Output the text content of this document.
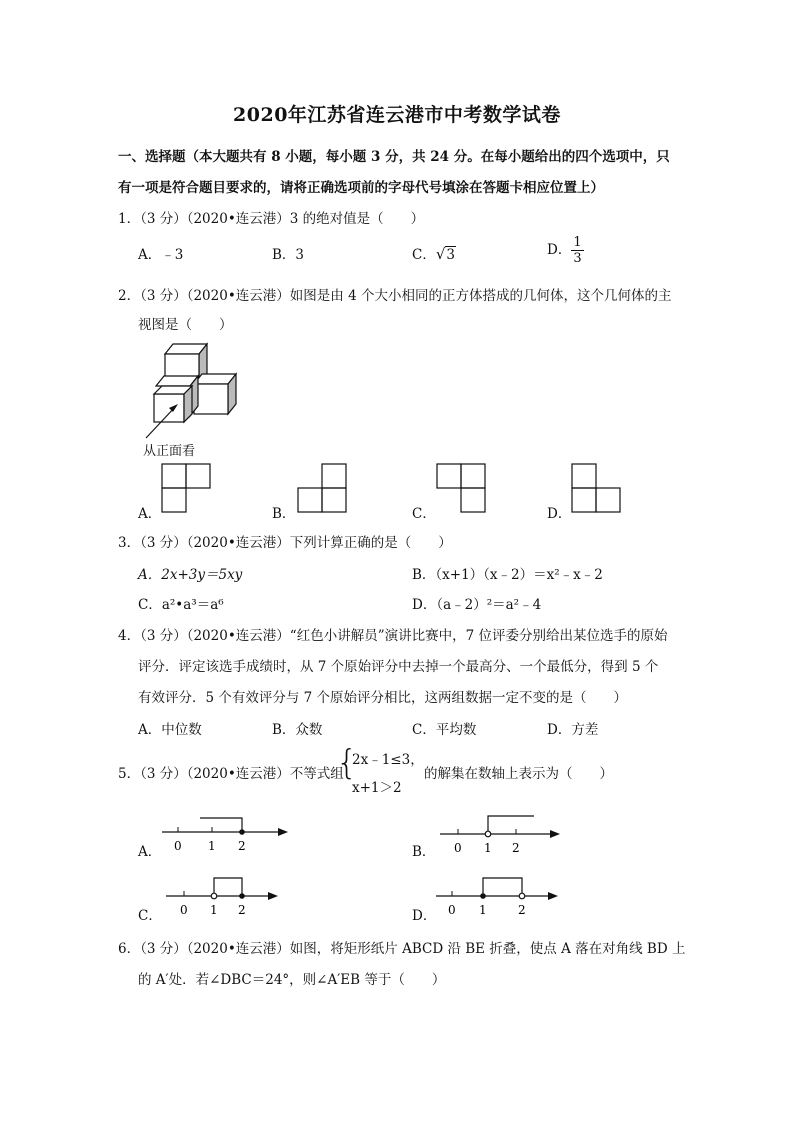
2020年江苏省连云港市中考数学试卷
一、选择题（本大题共有 8 小题，每小题 3 分，共 24 分。在每小题给出的四个选项中，只
有一项是符合题目要求的，请将正确选项前的字母代号填涂在答题卡相应位置上）
1．（3 分）（2020•连云港）3 的绝对值是（　　）
A．﹣3	B．3	C．√3	D． $\frac{1}{3}$
2．（3 分）（2020•连云港）如图是由 4 个大小相同的正方体搭成的几何体，这个几何体的主
视图是（　　）
从正面看
A．	B．	C．	D．
3．（3 分）（2020•连云港）下列计算正确的是（　　）
A．2x+3y＝5xy	B．（x+1）（x﹣2）＝x²﹣x﹣2
C．a²•a³＝a⁶	D．（a﹣2）²＝a²﹣4
4．（3 分）（2020•连云港）“红色小讲解员”演讲比赛中，7 位评委分别给出某位选手的原始
评分．评定该选手成绩时，从 7 个原始评分中去掉一个最高分、一个最低分，得到 5 个
有效评分．5 个有效评分与 7 个原始评分相比，这两组数据一定不变的是（　　）
A．中位数	B．众数	C．平均数	D．方差
5．（3 分）（2020•连云港）不等式组
{
2x﹣1≤3，
x+1＞2
的解集在数轴上表示为（　　）
A． 0 1 2	B． 0 1 2
C． 0 1 2	D． 0 1	2
6．（3 分）（2020•连云港）如图，将矩形纸片 ABCD 沿 BE 折叠，使点 A 落在对角线 BD 上
的 A′处．若∠DBC＝24°，则∠A′EB 等于（　　）
